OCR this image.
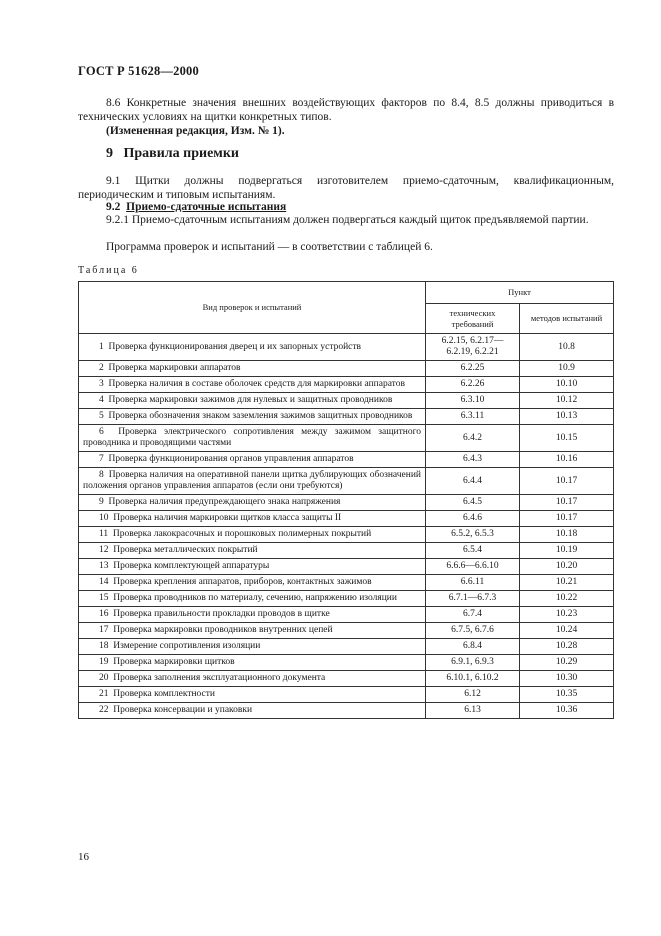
ГОСТ Р 51628—2000

8.6 Конкретные значения внешних воздействующих факторов по 8.4, 8.5 должны приводиться в технических условиях на щитки конкретных типов.

(Измененная редакция, Изм. № 1).

9 Правила приемки

9.1 Щитки должны подвергаться изготовителем приемо-сдаточным, квалификационным, периодическим и типовым испытаниям.

9.2 Приемо-сдаточные испытания

9.2.1 Приемо-сдаточным испытаниям должен подвергаться каждый щиток предъявляемой партии.

Программа проверок и испытаний — в соответствии с таблицей 6.

Таблица 6
Вид проверок и испытаний	Пункт	
	технических требований	методов испытаний
1 Проверка функционирования дверец и их запорных устройств	6.2.15, 6.2.17—6.2.19, 6.2.21	10.8
2 Проверка маркировки аппаратов	6.2.25	10.9
3 Проверка наличия в составе оболочек средств для маркировки аппаратов	6.2.26	10.10
4 Проверка маркировки зажимов для нулевых и защитных проводников	6.3.10	10.12
5 Проверка обозначения знаком заземления зажимов защитных проводников	6.3.11	10.13
6 Проверка электрического сопротивления между зажимом защитного проводника и проводящими частями	6.4.2	10.15
7 Проверка функционирования органов управления аппаратов	6.4.3	10.16
8 Проверка наличия на оперативной панели щитка дублирующих обозначений положения органов управления аппаратов (если они требуются)	6.4.4	10.17
9 Проверка наличия предупреждающего знака напряжения	6.4.5	10.17
10 Проверка наличия маркировки щитков класса защиты II	6.4.6	10.17
11 Проверка лакокрасочных и порошковых полимерных покрытий	6.5.2, 6.5.3	10.18
12 Проверка металлических покрытий	6.5.4	10.19
13 Проверка комплектующей аппаратуры	6.6.6—6.6.10	10.20
14 Проверка крепления аппаратов, приборов, контактных зажимов	6.6.11	10.21
15 Проверка проводников по материалу, сечению, напряжению изоляции	6.7.1—6.7.3	10.22
16 Проверка правильности прокладки проводов в щитке	6.7.4	10.23
17 Проверка маркировки проводников внутренних цепей	6.7.5, 6.7.6	10.24
18 Измерение сопротивления изоляции	6.8.4	10.28
19 Проверка маркировки щитков	6.9.1, 6.9.3	10.29
20 Проверка заполнения эксплуатационного документа	6.10.1, 6.10.2	10.30
21 Проверка комплектности	6.12	10.35
22 Проверка консервации и упаковки	6.13	10.36
16
